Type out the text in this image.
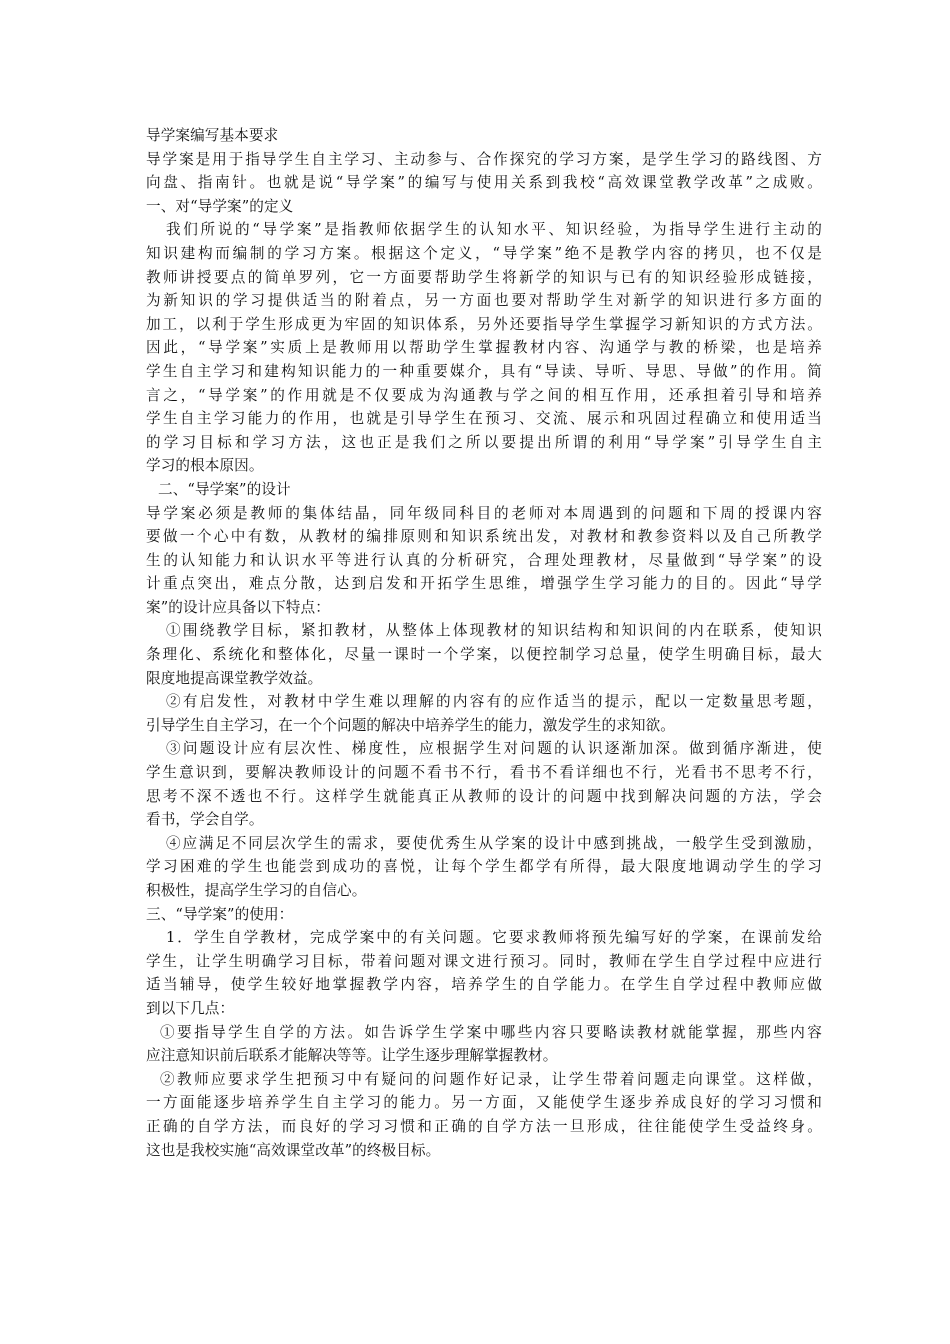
导学案编写基本要求
导学案是用于指导学生自主学习、主动参与、合作探究的学习方案，是学生学习的路线图、方
向盘、指南针。也就是说“导学案”的编写与使用关系到我校“高效课堂教学改革”之成败。
一、对“导学案”的定义
我们所说的“导学案”是指教师依据学生的认知水平、知识经验，为指导学生进行主动的
知识建构而编制的学习方案。根据这个定义，“导学案”绝不是教学内容的拷贝，也不仅是
教师讲授要点的简单罗列，它一方面要帮助学生将新学的知识与已有的知识经验形成链接，
为新知识的学习提供适当的附着点，另一方面也要对帮助学生对新学的知识进行多方面的
加工，以利于学生形成更为牢固的知识体系，另外还要指导学生掌握学习新知识的方式方法。
因此，“导学案”实质上是教师用以帮助学生掌握教材内容、沟通学与教的桥梁，也是培养
学生自主学习和建构知识能力的一种重要媒介，具有“导读、导听、导思、导做”的作用。简
言之，“导学案”的作用就是不仅要成为沟通教与学之间的相互作用，还承担着引导和培养
学生自主学习能力的作用，也就是引导学生在预习、交流、展示和巩固过程确立和使用适当
的学习目标和学习方法，这也正是我们之所以要提出所谓的利用“导学案”引导学生自主
学习的根本原因。
二、“导学案”的设计
导学案必须是教师的集体结晶，同年级同科目的老师对本周遇到的问题和下周的授课内容
要做一个心中有数，从教材的编排原则和知识系统出发，对教材和教参资料以及自己所教学
生的认知能力和认识水平等进行认真的分析研究，合理处理教材，尽量做到“导学案”的设
计重点突出，难点分散，达到启发和开拓学生思维，增强学生学习能力的目的。因此“导学
案”的设计应具备以下特点：
①围绕教学目标，紧扣教材，从整体上体现教材的知识结构和知识间的内在联系，使知识
条理化、系统化和整体化，尽量一课时一个学案，以便控制学习总量，使学生明确目标，最大
限度地提高课堂教学效益。
②有启发性，对教材中学生难以理解的内容有的应作适当的提示，配以一定数量思考题，
引导学生自主学习，在一个个问题的解决中培养学生的能力，激发学生的求知欲。
③问题设计应有层次性、梯度性，应根据学生对问题的认识逐渐加深。做到循序渐进，使
学生意识到，要解决教师设计的问题不看书不行，看书不看详细也不行，光看书不思考不行，
思考不深不透也不行。这样学生就能真正从教师的设计的问题中找到解决问题的方法，学会
看书，学会自学。
④应满足不同层次学生的需求，要使优秀生从学案的设计中感到挑战，一般学生受到激励，
学习困难的学生也能尝到成功的喜悦，让每个学生都学有所得，最大限度地调动学生的学习
积极性，提高学生学习的自信心。
三、“导学案”的使用：
1．学生自学教材，完成学案中的有关问题。它要求教师将预先编写好的学案，在课前发给
学生，让学生明确学习目标，带着问题对课文进行预习。同时，教师在学生自学过程中应进行
适当辅导，使学生较好地掌握教学内容，培养学生的自学能力。在学生自学过程中教师应做
到以下几点：
①要指导学生自学的方法。如告诉学生学案中哪些内容只要略读教材就能掌握，那些内容
应注意知识前后联系才能解决等等。让学生逐步理解掌握教材。
②教师应要求学生把预习中有疑问的问题作好记录，让学生带着问题走向课堂。这样做，
一方面能逐步培养学生自主学习的能力。另一方面，又能使学生逐步养成良好的学习习惯和
正确的自学方法，而良好的学习习惯和正确的自学方法一旦形成，往往能使学生受益终身。
这也是我校实施“高效课堂改革”的终极目标。
